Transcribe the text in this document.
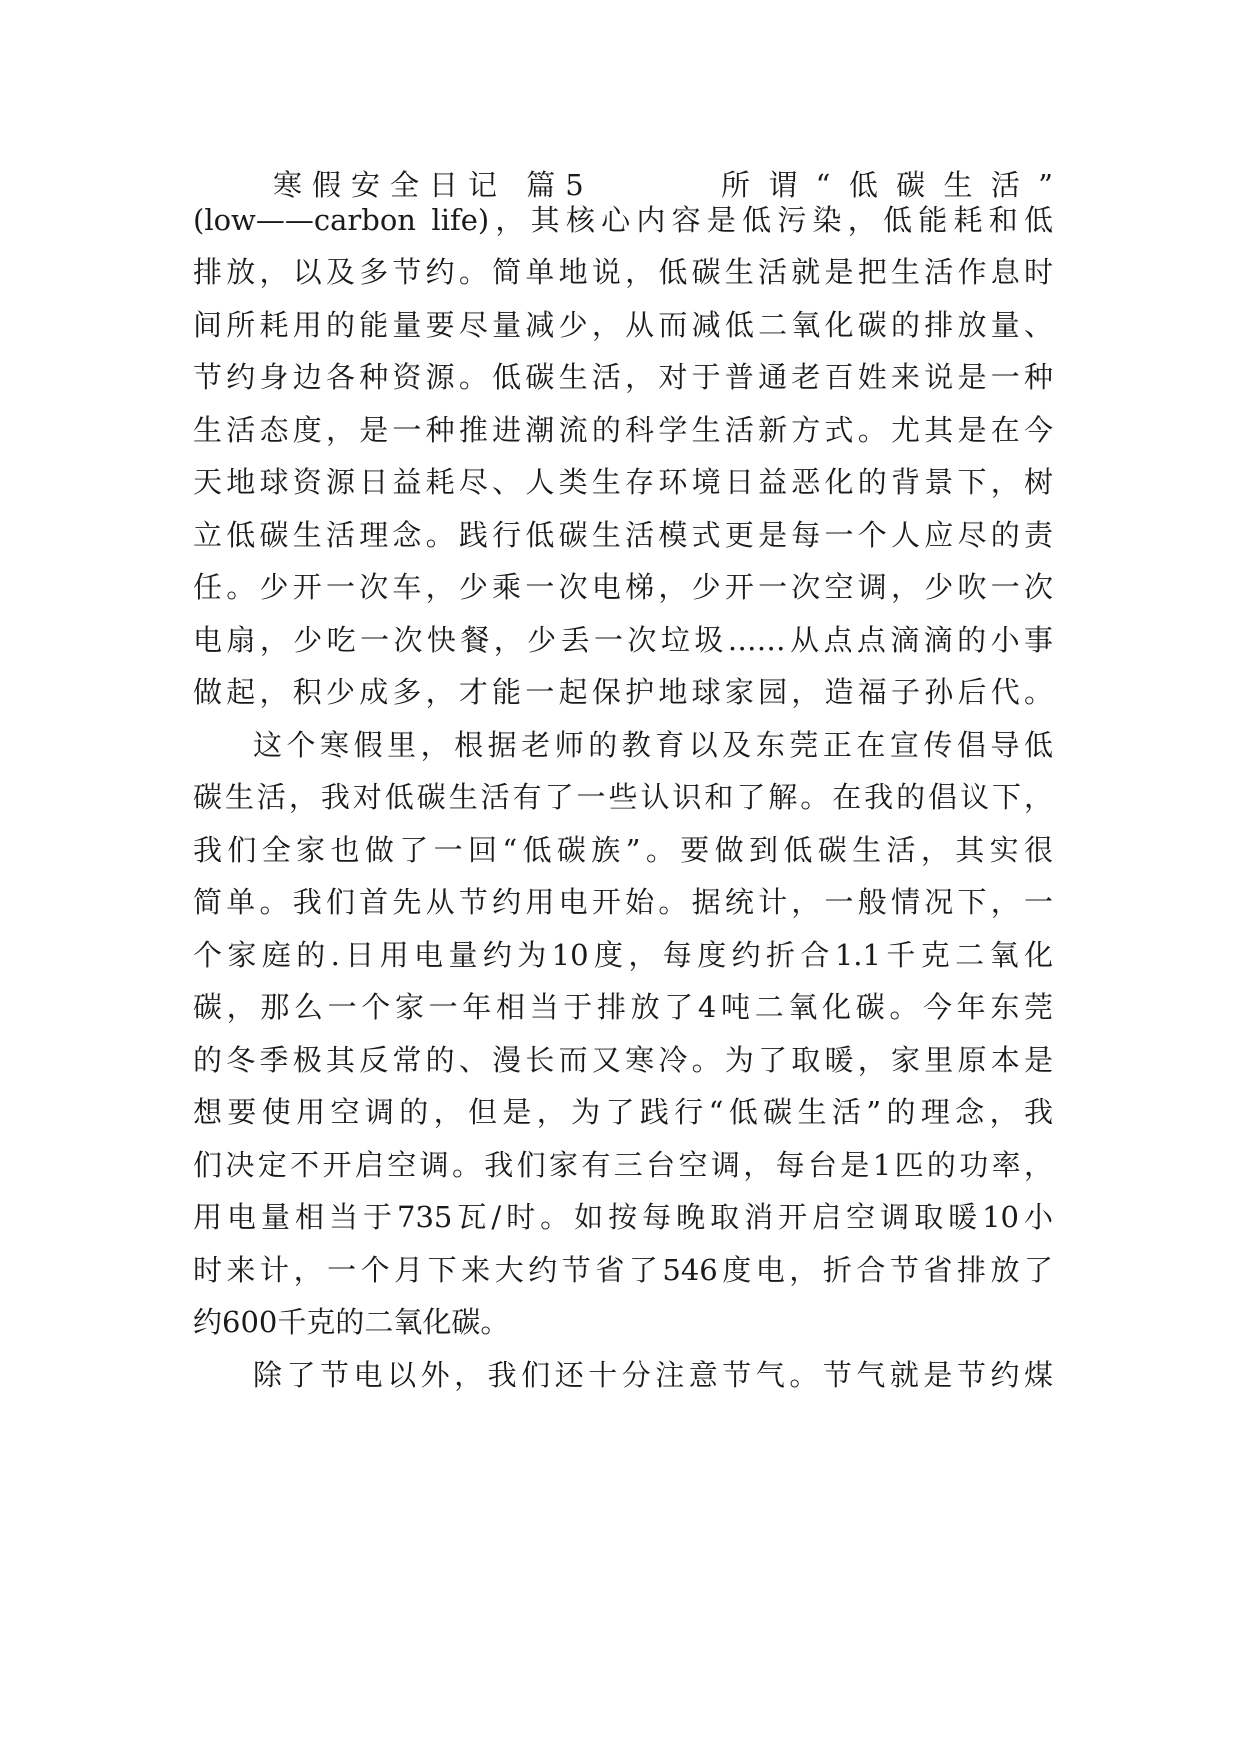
寒假安全日记 篇5	所谓“低碳生活”
(low——carbon life)，其核心内容是低污染，低能耗和低
排放，以及多节约。简单地说，低碳生活就是把生活作息时
间所耗用的能量要尽量减少，从而减低二氧化碳的排放量、
节约身边各种资源。低碳生活，对于普通老百姓来说是一种
生活态度，是一种推进潮流的科学生活新方式。尤其是在今
天地球资源日益耗尽、人类生存环境日益恶化的背景下，树
立低碳生活理念。践行低碳生活模式更是每一个人应尽的责
任。少开一次车，少乘一次电梯，少开一次空调，少吹一次
电扇，少吃一次快餐，少丢一次垃圾……从点点滴滴的小事
做起，积少成多，才能一起保护地球家园，造福子孙后代。
这个寒假里，根据老师的教育以及东莞正在宣传倡导低
碳生活，我对低碳生活有了一些认识和了解。在我的倡议下，
我们全家也做了一回“低碳族”。要做到低碳生活，其实很
简单。我们首先从节约用电开始。据统计，一般情况下，一
个家庭的.日用电量约为10度，每度约折合1.1千克二氧化
碳，那么一个家一年相当于排放了4吨二氧化碳。今年东莞
的冬季极其反常的、漫长而又寒冷。为了取暖，家里原本是
想要使用空调的，但是，为了践行“低碳生活”的理念，我
们决定不开启空调。我们家有三台空调，每台是1匹的功率，
用电量相当于735瓦/时。如按每晚取消开启空调取暖10小
时来计，一个月下来大约节省了546度电，折合节省排放了
约600千克的二氧化碳。
除了节电以外，我们还十分注意节气。节气就是节约煤
